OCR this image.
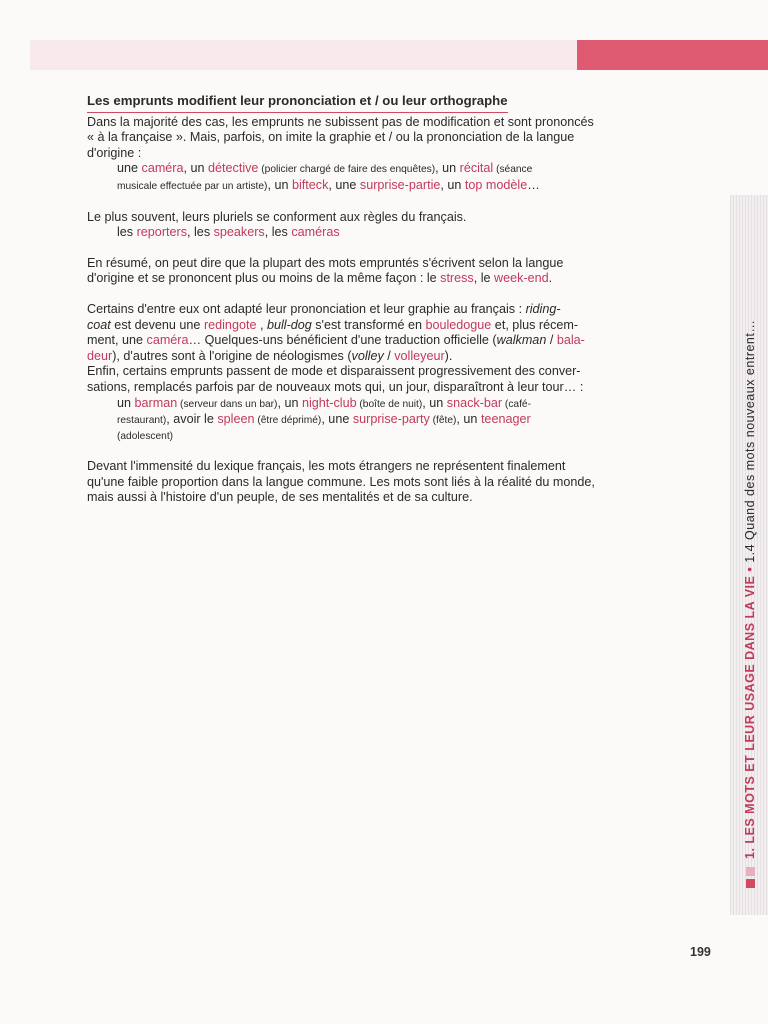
Les emprunts modifient leur prononciation et / ou leur orthographe
Dans la majorité des cas, les emprunts ne subissent pas de modification et sont prononcés
« à la française ». Mais, parfois, on imite la graphie et / ou la prononciation de la langue
d'origine :
une caméra, un détective (policier chargé de faire des enquêtes), un récital (séance
musicale effectuée par un artiste), un bifteck, une surprise-partie, un top modèle…
Le plus souvent, leurs pluriels se conforment aux règles du français.
les reporters, les speakers, les caméras
En résumé, on peut dire que la plupart des mots empruntés s'écrivent selon la langue
d'origine et se prononcent plus ou moins de la même façon : le stress, le week-end.
Certains d'entre eux ont adapté leur prononciation et leur graphie au français : riding-
coat est devenu une redingote , bull-dog s'est transformé en bouledogue et, plus récem-
ment, une caméra… Quelques-uns bénéficient d'une traduction officielle (walkman / bala-
deur), d'autres sont à l'origine de néologismes (volley / volleyeur).
Enfin, certains emprunts passent de mode et disparaissent progressivement des conver-
sations, remplacés parfois par de nouveaux mots qui, un jour, disparaîtront à leur tour… :
un barman (serveur dans un bar), un night-club (boîte de nuit), un snack-bar (café-
restaurant), avoir le spleen (être déprimé), une surprise-party (fête), un teenager
(adolescent)
Devant l'immensité du lexique français, les mots étrangers ne représentent finalement
qu'une faible proportion dans la langue commune. Les mots sont liés à la réalité du monde,
mais aussi à l'histoire d'un peuple, de ses mentalités et de sa culture.
1. LES MOTS ET LEUR USAGE DANS LA VIE • 1.4 Quand des mots nouveaux entrent…
199
